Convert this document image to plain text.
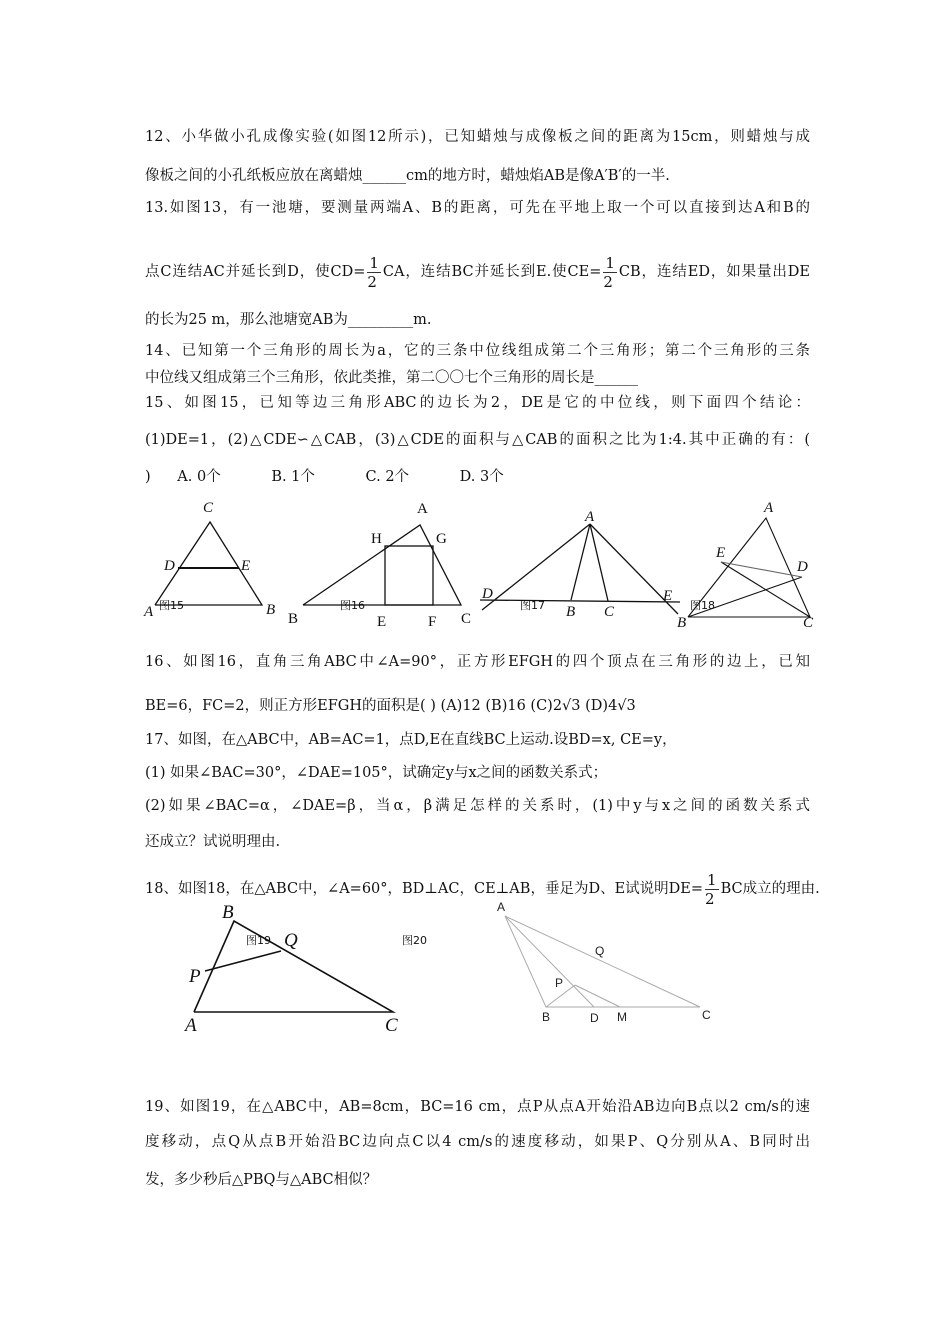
12、小华做小孔成像实验(如图12所示)，已知蜡烛与成像板之间的距离为15cm，则蜡烛与成
像板之间的小孔纸板应放在离蜡烛______cm的地方时，蜡烛焰AB是像A′B′的一半.
13.如图13，有一池塘，要测量两端A、B的距离，可先在平地上取一个可以直接到达A和B的
点C连结AC并延长到D，使$CD= \frac{1}{2}$ CA，连结BC并延长到E.使$CE= \frac{1}{2}$ CB，连结ED，如果量出DE
的长为25 m，那么池塘宽AB为_________m.
14、已知第一个三角形的周长为a，它的三条中位线组成第二个三角形；第二个三角形的三条
中位线又组成第三个三角形，依此类推，第二〇〇七个三角形的周长是______
15、如图15，已知等边三角形ABC的边长为2，DE是它的中位线，则下面四个结论：
(1)DE=1，(2)△CDE∽△CAB，(3)△CDE的面积与△CAB的面积之比为1:4.其中正确的有：(
) A. 0个	B. 1个	C. 2个	D. 3个
16、如图16，直角三角ABC中∠A=90°，正方形EFGH的四个顶点在三角形的边上，已知
BE=6，FC=2，则正方形EFGH的面积是( ) (A)12 (B)16 (C)2√3 (D)4√3
17、如图，在△ABC中，AB=AC=1，点D,E在直线BC上运动.设BD=x, CE=y，
(1) 如果∠BAC=30°，∠DAE=105°，试确定y与x之间的函数关系式；
(2)如果∠BAC=α，∠DAE=β，当α，β满足怎样的关系时，(1)中y与x之间的函数关系式
还成立？试说明理由.
18、如图18，在△ABC中，∠A=60°，BD⊥AC，CE⊥AB，垂足为D、E试说明$DE= \frac{1}{2}$ BC成立的理由.
19、如图19，在△ABC中，AB=8cm，BC=16 cm，点P从点A开始沿AB边向B点以2 cm/s的速
度移动，点Q从点B开始沿BC边向点C以4 cm/s的速度移动，如果P、Q分别从A、B同时出
发，多少秒后△PBQ与△ABC相似？
C
D	E
A	B
图15
A
H	G
B	E	F C
图16
A
D	E
B C
图17
A
E
D
B	C
图18
B
Q
P
A	C
图19	图20
A
Q
P
B	D M	C
